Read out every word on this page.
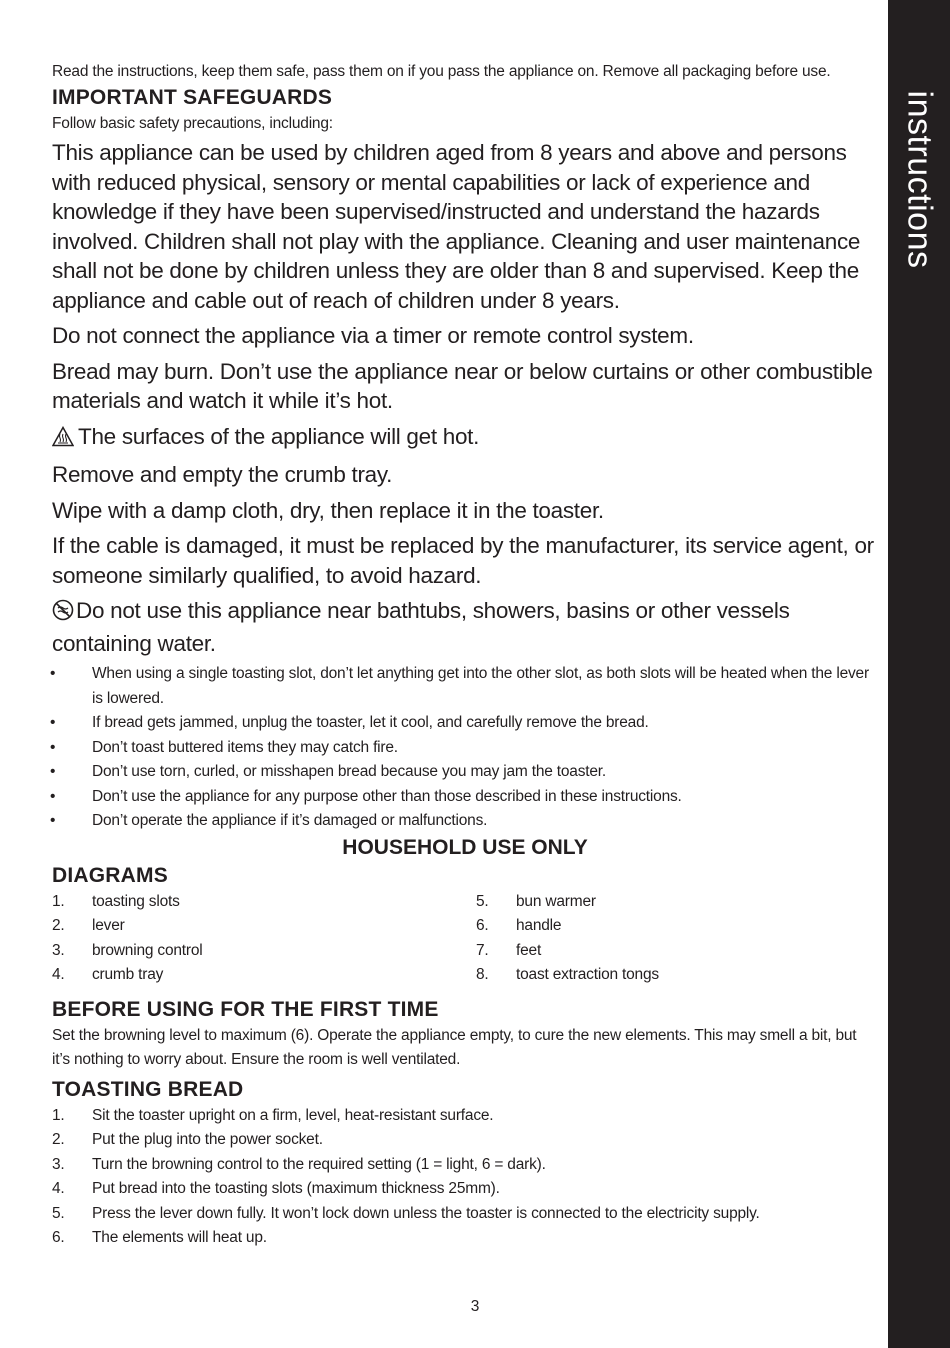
instructions

Read the instructions, keep them safe, pass them on if you pass the appliance on. Remove all packaging before use.

IMPORTANT SAFEGUARDS

Follow basic safety precautions, including:

This appliance can be used by children aged from 8 years and above and persons with reduced physical, sensory or mental capabilities or lack of experience and knowledge if they have been supervised/instructed and understand the hazards involved. Children shall not play with the appliance. Cleaning and user maintenance shall not be done by children unless they are older than 8 and supervised. Keep the appliance and cable out of reach of children under 8 years.

Do not connect the appliance via a timer or remote control system.

Bread may burn. Don’t use the appliance near or below curtains or other combustible materials and watch it while it’s hot.

The surfaces of the appliance will get hot.

Remove and empty the crumb tray.

Wipe with a damp cloth, dry, then replace it in the toaster.

If the cable is damaged, it must be replaced by the manufacturer, its service agent, or someone similarly qualified, to avoid hazard.

Do not use this appliance near bathtubs, showers, basins or other vessels containing water.

• When using a single toasting slot, don’t let anything get into the other slot, as both slots will be heated when the lever is lowered.
• If bread gets jammed, unplug the toaster, let it cool, and carefully remove the bread.
• Don’t toast buttered items they may catch fire.
• Don’t use torn, curled, or misshapen bread because you may jam the toaster.
• Don’t use the appliance for any purpose other than those described in these instructions.
• Don’t operate the appliance if it’s damaged or malfunctions.
HOUSEHOLD USE ONLY
DIAGRAMS
1.	toasting slots
2.	lever
3.	browning control
4.	crumb tray
5.	bun warmer
6.	handle
7.	feet
8.	toast extraction tongs
BEFORE USING FOR THE FIRST TIME

Set the browning level to maximum (6). Operate the appliance empty, to cure the new elements. This may smell a bit, but it’s nothing to worry about. Ensure the room is well ventilated.

TOASTING BREAD
1.	Sit the toaster upright on a firm, level, heat-resistant surface.
2.	Put the plug into the power socket.
3.	Turn the browning control to the required setting (1 = light, 6 = dark).
4.	Put bread into the toasting slots (maximum thickness 25mm).
5.	Press the lever down fully. It won’t lock down unless the toaster is connected to the electricity supply.
6.	The elements will heat up.
3
